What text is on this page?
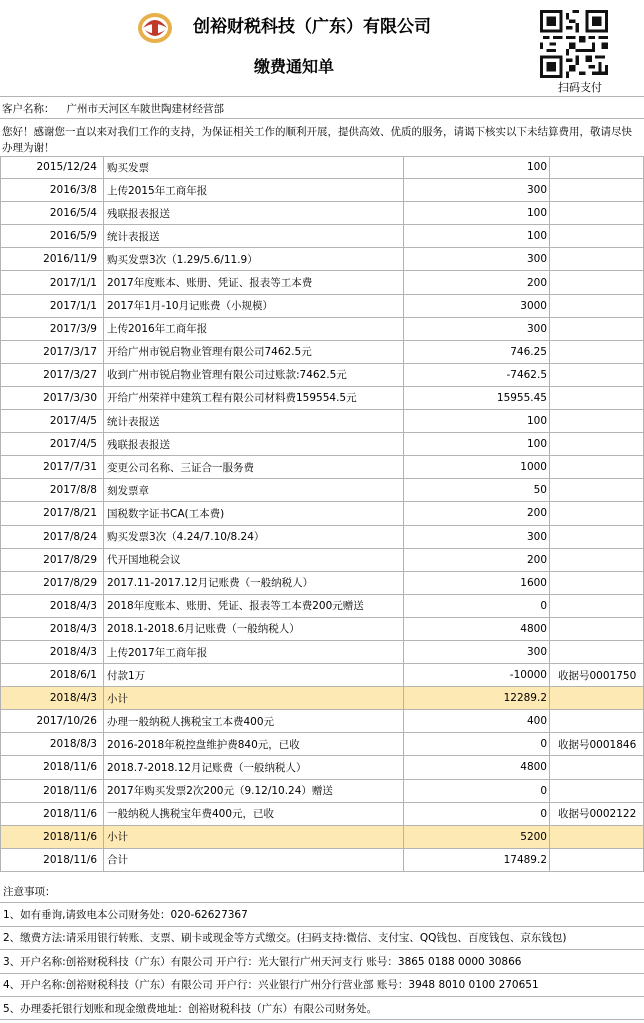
创裕财税科技（广东）有限公司
缴费通知单
扫码支付
客户名称： 广州市天河区车陂世陶建材经营部
您好！感谢您一直以来对我们工作的支持，为保证相关工作的顺利开展，提供高效、优质的服务，请谒下核实以下未结算费用，敬请尽快办理为谢！
2015/12/24 购买发票	100
2016/3/8 上传2015年工商年报	300
2016/5/4 残联报表报送	100
2016/5/9 统计表报送	100
2016/11/9 购买发票3次（1.29/5.6/11.9）	300
2017/1/1 2017年度账本、账册、凭证、报表等工本费	200
2017/1/1 2017年1月-10月记账费（小规模）	3000
2017/3/9 上传2016年工商年报	300
2017/3/17 开给广州市锐启物业管理有限公司7462.5元	746.25
2017/3/27 收到广州市锐启物业管理有限公司过账款:7462.5元	-7462.5
2017/3/30 开给广州荣祥中建筑工程有限公司材料费159554.5元	15955.45
2017/4/5 统计表报送	100
2017/4/5 残联报表报送	100
2017/7/31 变更公司名称、三证合一服务费	1000
2017/8/8 刻发票章	50
2017/8/21 国税数字证书CA(工本费)	200
2017/8/24 购买发票3次（4.24/7.10/8.24）	300
2017/8/29 代开国地税会议	200
2017/8/29 2017.11-2017.12月记账费（一般纳税人）	1600
2018/4/3 2018年度账本、账册、凭证、报表等工本费200元赠送	0
2018/4/3 2018.1-2018.6月记账费（一般纳税人）	4800
2018/4/3 上传2017年工商年报	300
2018/6/1 付款1万	-10000	收据号0001750
2018/4/3 小计	12289.2
2017/10/26 办理一般纳税人携税宝工本费400元	400
2018/8/3 2016-2018年税控盘维护费840元，已收	0	收据号0001846
2018/11/6 2018.7-2018.12月记账费（一般纳税人）	4800
2018/11/6 2017年购买发票2次200元（9.12/10.24）赠送	0
2018/11/6 一般纳税人携税宝年费400元，已收	0	收据号0002122
2018/11/6 小计	5200
2018/11/6 合计	17489.2
注意事项：
1、如有垂询,请致电本公司财务处：020-62627367
2、缴费方法:请采用银行转账、支票、刷卡或现金等方式缴交。(扫码支持:微信、支付宝、QQ钱包、百度钱包、京东钱包)
3、开户名称:创裕财税科技（广东）有限公司 开户行：光大银行广州天河支行 账号：3865 0188 0000 30866
4、开户名称:创裕财税科技（广东）有限公司 开户行：兴业银行广州分行营业部 账号：3948 8010 0100 270651
5、办理委托银行划账和现金缴费地址：创裕财税科技（广东）有限公司财务处。
